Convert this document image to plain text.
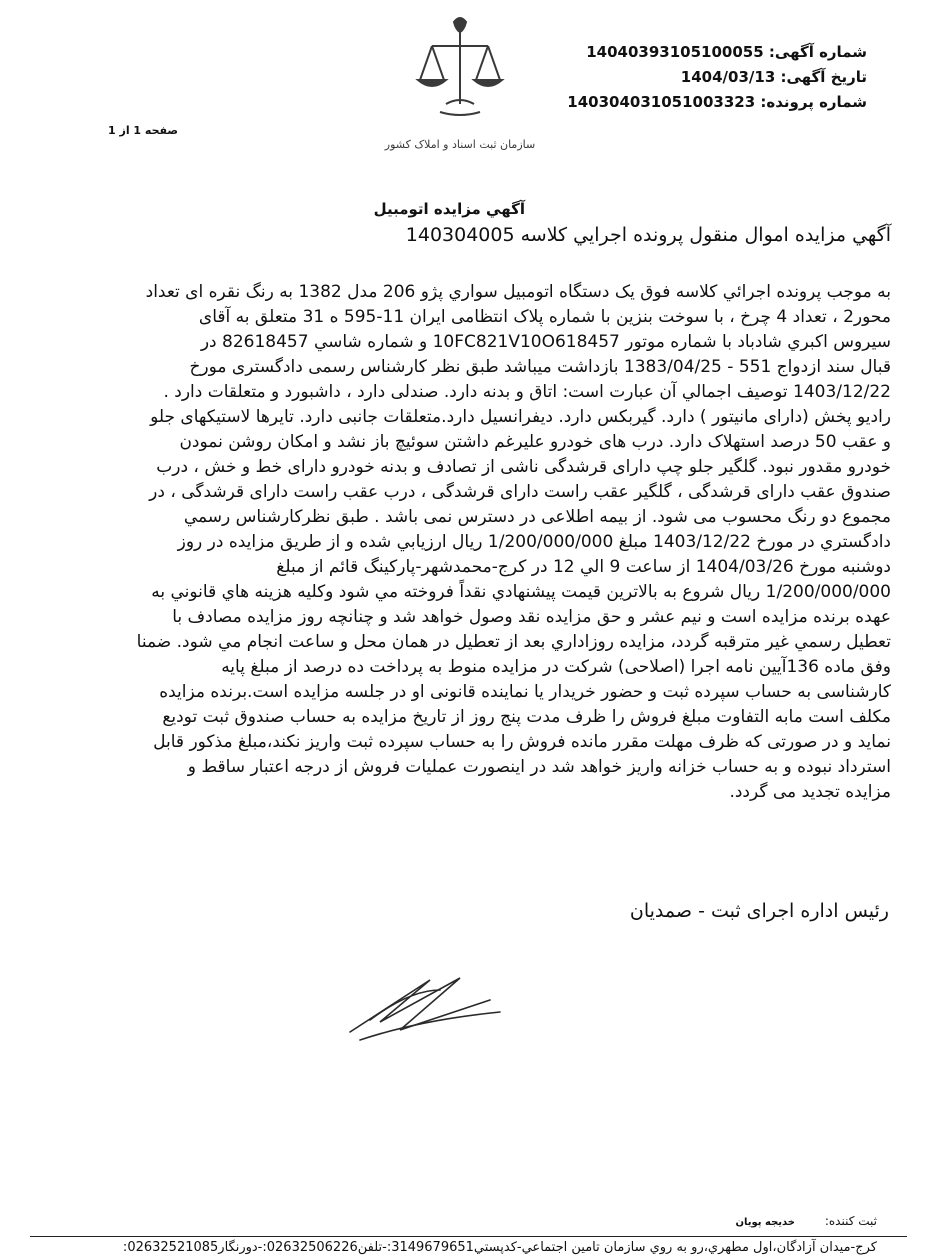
شماره آگهی: 14040393105100055
تاریخ آگهی: 1404/03/13
شماره پرونده: 140304031051003323
سازمان ثبت اسناد و املاک کشور
صفحه 1 از 1
آگهي مزايده اتومبيل
آگهي مزايده اموال منقول پرونده اجرايي كلاسه 140304005
به موجب پرونده اجرائي كلاسه فوق يک دستگاه اتومبيل سواري پژو 206 مدل 1382 به رنگ نقره ای تعداد
محور2 ، تعداد 4 چرخ ، با سوخت بنزين با شماره پلاک انتظامی ايران 11-595 ه 31 متعلق به آقای
سيروس اكبري شادباد با شماره موتور 10FC821V10O618457 و شماره شاسي 82618457 در
قبال سند ازدواج 551 - 1383/04/25 بازداشت ميباشد طبق نظر کارشناس رسمی دادگستری مورخ
1403/12/22 توصيف اجمالي آن عبارت است: اتاق و بدنه دارد. صندلی دارد ، داشبورد و متعلقات دارد .
راديو پخش (دارای مانيتور ) دارد. گيربکس دارد. ديفرانسيل دارد.متعلقات جانبی دارد. تايرها لاستيکهای جلو
و عقب 50 درصد استهلاک دارد. درب های خودرو عليرغم داشتن سوئيچ باز نشد و امکان روشن نمودن
خودرو مقدور نبود. گلگير جلو چپ دارای قرشدگی ناشی از تصادف و بدنه خودرو دارای خط و خش ، درب
صندوق عقب دارای قرشدگی ، گلگير عقب راست دارای قرشدگی ، درب عقب راست دارای قرشدگی ، در
مجموع دو رنگ محسوب می شود. از بيمه اطلاعی در دسترس نمی باشد . طبق نظرکارشناس رسمي
دادگستري در مورخ 1403/12/22 مبلغ 1/200/000/000 ريال ارزيابي شده و از طريق مزايده در روز
دوشنبه مورخ 1404/03/26 از ساعت 9 الي 12 در كرج-محمدشهر-پاركينگ قائم از مبلغ
1/200/000/000 ريال شروع به بالاترين قيمت پيشنهادي نقداً فروخته مي شود وكليه هزينه هاي قانوني به
عهده برنده مزايده است و نيم عشر و حق مزايده نقد وصول خواهد شد و چنانچه روز مزايده مصادف با
تعطيل رسمي غير مترقبه گردد، مزايده روزاداري بعد از تعطيل در همان محل و ساعت انجام مي شود. ضمنا
وفق ماده 136آيين نامه اجرا (اصلاحی) شركت در مزايده منوط به پرداخت ده درصد از مبلغ پايه
كارشناسی به حساب سپرده ثبت و حضور خريدار يا نماينده قانونی او در جلسه مزايده است.برنده مزايده
مكلف است مابه التفاوت مبلغ فروش را ظرف مدت پنج روز از تاريخ مزايده به حساب صندوق ثبت توديع
نمايد و در صورتی كه ظرف مهلت مقرر مانده فروش را به حساب سپرده ثبت واريز نكند،مبلغ مذكور قابل
استرداد نبوده و به حساب خزانه واريز خواهد شد در اينصورت عمليات فروش از درجه اعتبار ساقط و
مزايده تجديد می گردد.
رئيس اداره اجرای ثبت - صمديان
ثبت كننده: خديجه پويان
كرج-ميدان آزادگان،اول مطهري،رو به روي سازمان تامين اجتماعي-كدپستي3149679651:-تلفن02632506226:-دورنگار02632521085:
